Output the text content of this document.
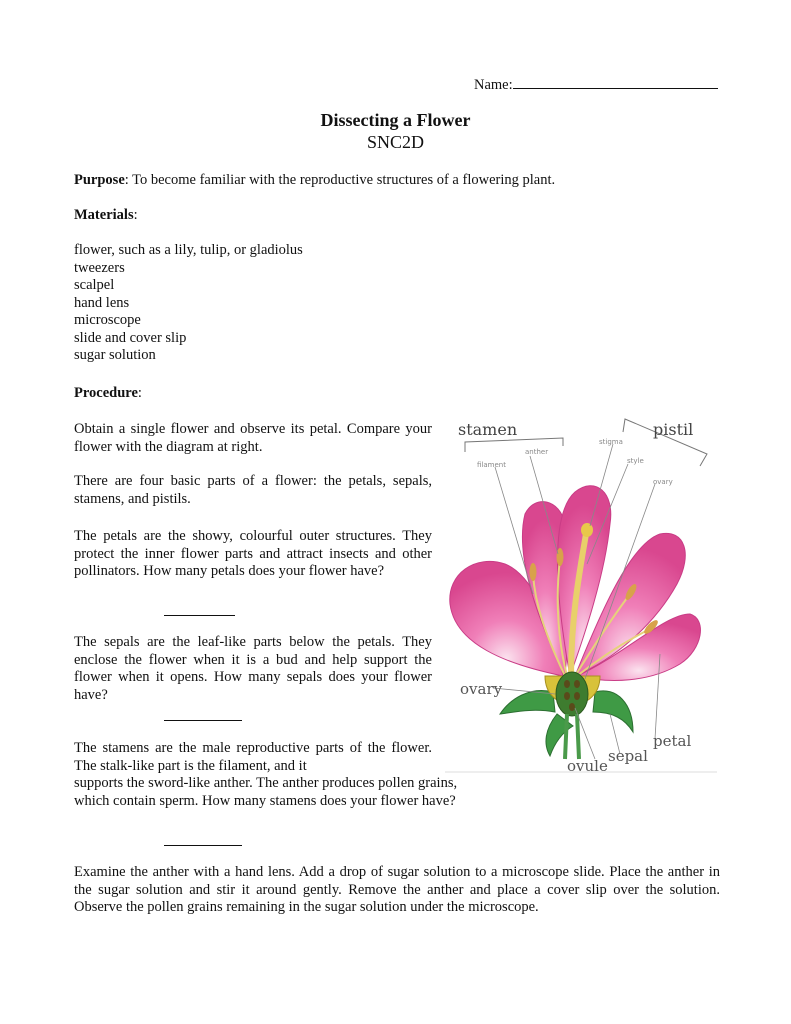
Name:
Dissecting a Flower
SNC2D

Purpose: To become familiar with the reproductive structures of a flowering plant.

Materials:

flower, such as a lily, tulip, or gladiolus
tweezers
scalpel
hand lens
microscope
slide and cover slip
sugar solution

Procedure:

Obtain a single flower and observe its petal. Compare your flower with the diagram at right.

There are four basic parts of a flower: the petals, sepals, stamens, and pistils.

The petals are the showy, colourful outer structures. They protect the inner flower parts and attract insects and other pollinators. How many petals does your flower have?

The sepals are the leaf-like parts below the petals. They enclose the flower when it is a bud and help support the flower when it opens. How many sepals does your flower have?

The stamens are the male reproductive parts of the flower. The stalk-like part is the filament, and it

supports the sword-like anther. The anther produces pollen grains, which contain sperm. How many stamens does your flower have?

Examine the anther with a hand lens. Add a drop of sugar solution to a microscope slide. Place the anther in the sugar solution and stir it around gently. Remove the anther and place a cover slip over the solution. Observe the pollen grains remaining in the sugar solution under the microscope.

stamen	pistil
filament
anther
stigma
style
ovary
ovary
petal
sepal
ovule
